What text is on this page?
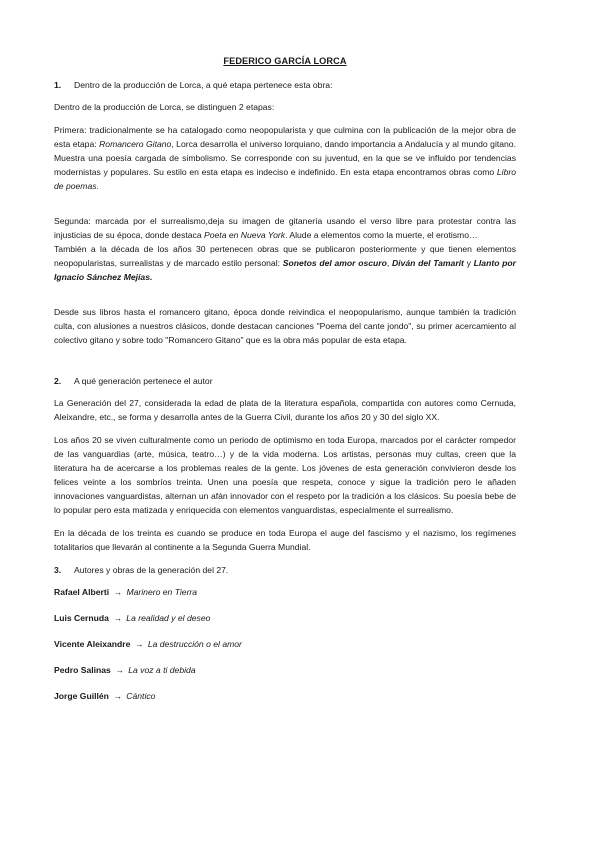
FEDERICO GARCÍA LORCA
1.	Dentro de la producción de Lorca, a qué etapa pertenece esta obra:

Dentro de la producción de Lorca, se distinguen 2 etapas:

Primera: tradicionalmente se ha catalogado como neopopularista y que culmina con la publicación de la mejor obra de esta etapa: Romancero Gitano, Lorca desarrolla el universo lorquiano, dando importancia a Andalucía y al mundo gitano. Muestra una poesía cargada de simbolismo. Se corresponde con su juventud, en la que se ve influido por tendencias modernistas y populares. Su estilo en esta etapa es indeciso e indefinido. En esta etapa encontramos obras como Libro de poemas.

Segunda: marcada por el surrealismo,deja su imagen de gitanería usando el verso libre para protestar contra las injusticias de su época, donde destaca Poeta en Nueva York. Alude a elementos como la muerte, el erotismo…

También a la década de los años 30 pertenecen obras que se publicaron posteriormente y que tienen elementos neopopularistas, surrealistas y de marcado estilo personal: Sonetos del amor oscuro, Diván del Tamarit y Llanto por Ignacio Sánchez Mejías.

Desde sus libros hasta el romancero gitano, época donde reivindica el neopopularismo, aunque también la tradición culta, con alusiones a nuestros clásicos, donde destacan canciones "Poema del cante jondo", su primer acercamiento al colectivo gitano y sobre todo "Romancero Gitano" que es la obra más popular de esta etapa.

2.	A qué generación pertenece el autor

La Generación del 27, considerada la edad de plata de la literatura española, compartida con autores como Cernuda, Aleixandre, etc., se forma y desarrolla antes de la Guerra Civil, durante los años 20 y 30 del siglo XX.

Los años 20 se viven culturalmente como un periodo de optimismo en toda Europa, marcados por el carácter rompedor de las vanguardias (arte, música, teatro…) y de la vida moderna. Los artistas, personas muy cultas, creen que la literatura ha de acercarse a los problemas reales de la gente. Los jóvenes de esta generación convivieron desde los felices veinte a los sombríos treinta. Unen una poesía que respeta, conoce y sigue la tradición pero le añaden innovaciones vanguardistas, alternan un afán innovador con el respeto por la tradición a los clásicos. Su poesía bebe de lo popular pero esta matizada y enriquecida con elementos vanguardistas, especialmente el surrealismo.

En la década de los treinta es cuando se produce en toda Europa el auge del fascismo y el nazismo, los regímenes totalitarios que llevarán al continente a la Segunda Guerra Mundial.

3.	Autores y obras de la generación del 27.
Rafael Alberti → Marinero en Tierra
Luis Cernuda → La realidad y el deseo
Vicente Aleixandre → La destrucción o el amor
Pedro Salinas → La voz a ti debida
Jorge Guillén → Cántico
